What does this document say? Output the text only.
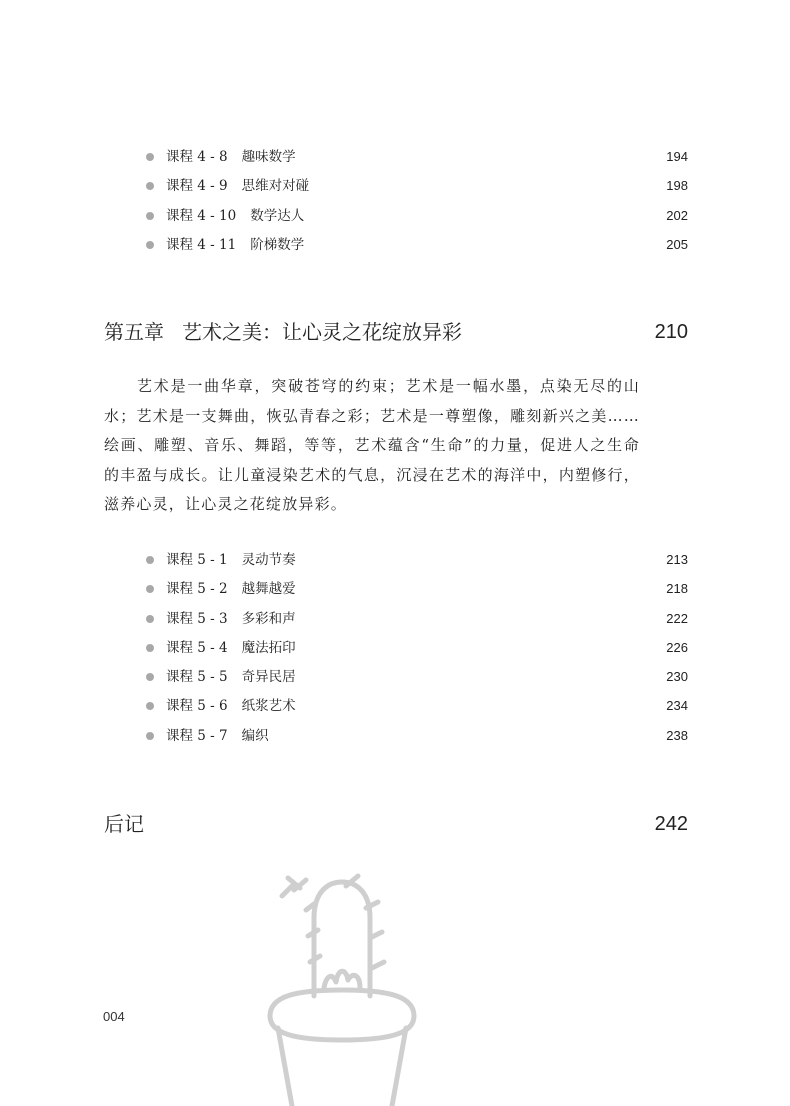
课程 4 - 8 趣味数学	194
课程 4 - 9 思维对对碰	198
课程 4 - 10 数学达人	202
课程 4 - 11 阶梯数学	205
第五章 艺术之美：让心灵之花绽放异彩	210

艺术是一曲华章，突破苍穹的约束；艺术是一幅水墨，点染无尽的山水；艺术是一支舞曲，恢弘青春之彩；艺术是一尊塑像，雕刻新兴之美……绘画、雕塑、音乐、舞蹈，等等，艺术蕴含“生命”的力量，促进人之生命的丰盈与成长。让儿童浸染艺术的气息，沉浸在艺术的海洋中，内塑修行，滋养心灵，让心灵之花绽放异彩。

课程 5 - 1 灵动节奏	213
课程 5 - 2 越舞越爱	218
课程 5 - 3 多彩和声	222
课程 5 - 4 魔法拓印	226
课程 5 - 5 奇异民居	230
课程 5 - 6 纸浆艺术	234
课程 5 - 7 编织	238
后记	242
004
